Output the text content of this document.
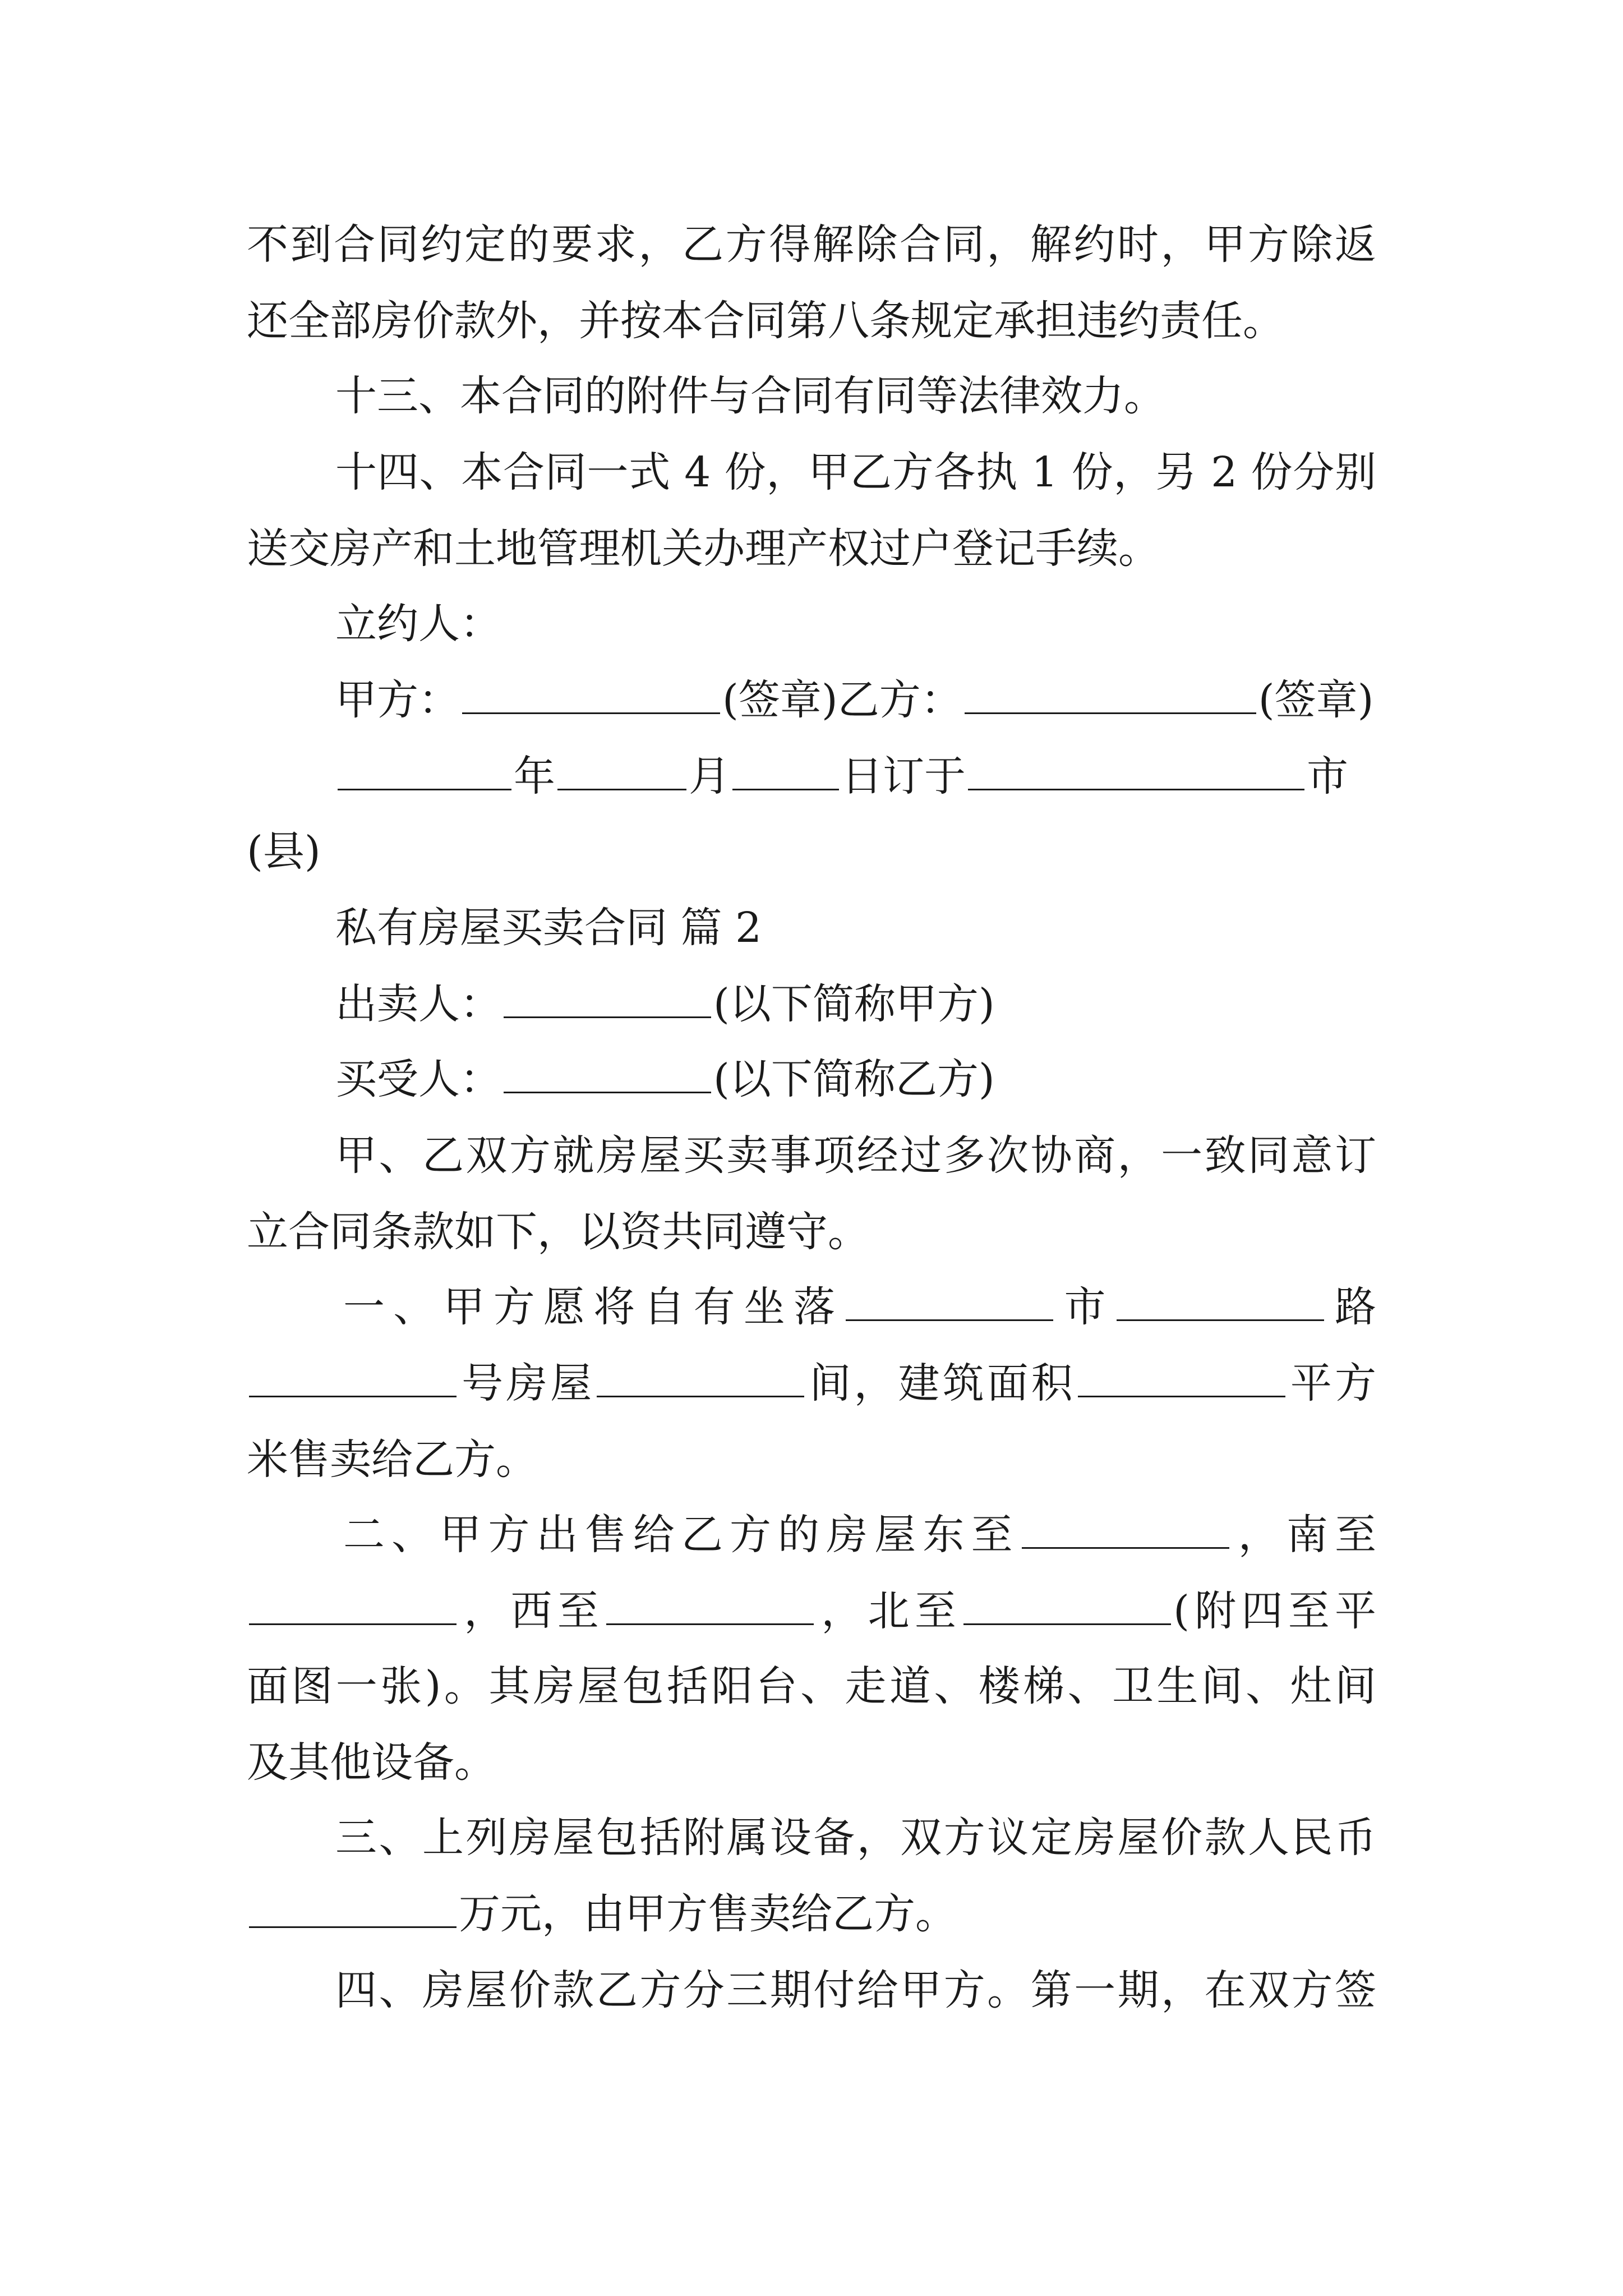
不到合同约定的要求，乙方得解除合同，解约时，甲方除返
还全部房价款外，并按本合同第八条规定承担违约责任。
十三、本合同的附件与合同有同等法律效力。
十四、本合同一式 4 份，甲乙方各执 1 份，另 2 份分别
送交房产和土地管理机关办理产权过户登记手续。
立约人：
甲方：	(签章)乙方：	(签章)
年	月	日订于	市
(县)
私有房屋买卖合同 篇 2
出卖人：	(以下简称甲方)
买受人：	(以下简称乙方)
甲、乙双方就房屋买卖事项经过多次协商，一致同意订
立合同条款如下，以资共同遵守。
一、甲方愿将自有坐落	市	路
号房屋	间，建筑面积	平方
米售卖给乙方。
二、甲方出售给乙方的房屋东至	，南至
，西至	，北至	(附四至平
面图一张)。其房屋包括阳台、走道、楼梯、卫生间、灶间
及其他设备。
三、上列房屋包括附属设备，双方议定房屋价款人民币
万元，由甲方售卖给乙方。
四、房屋价款乙方分三期付给甲方。第一期，在双方签
